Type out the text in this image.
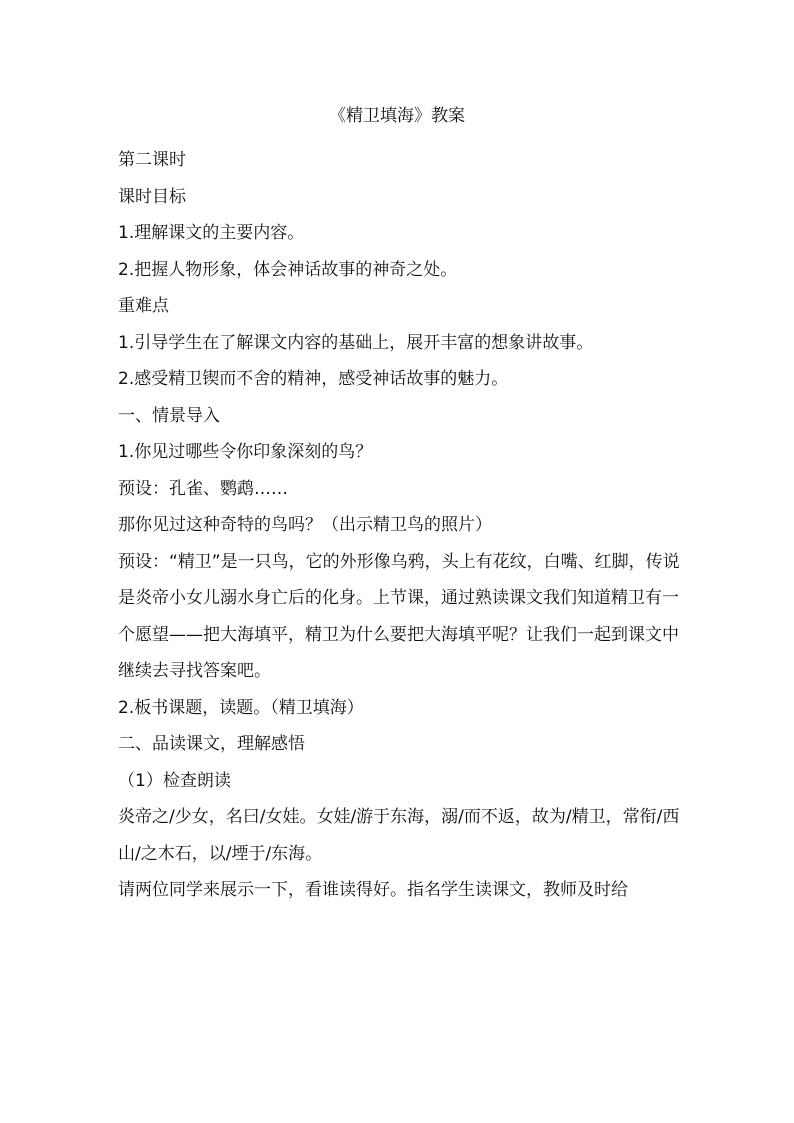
《精卫填海》教案

第二课时

课时目标

1.理解课文的主要内容。

2.把握人物形象，体会神话故事的神奇之处。

重难点

1.引导学生在了解课文内容的基础上，展开丰富的想象讲故事。

2.感受精卫锲而不舍的精神，感受神话故事的魅力。

一、情景导入

1.你见过哪些令你印象深刻的鸟？

预设：孔雀、鹦鹉……

那你见过这种奇特的鸟吗？（出示精卫鸟的照片）

预设：“精卫”是一只鸟，它的外形像乌鸦，头上有花纹，白嘴、红脚，传说是炎帝小女儿溺水身亡后的化身。上节课，通过熟读课文我们知道精卫有一个愿望——把大海填平，精卫为什么要把大海填平呢？让我们一起到课文中继续去寻找答案吧。

2.板书课题，读题。（精卫填海）

二、品读课文，理解感悟

（1）检查朗读

炎帝之/少女，名曰/女娃。女娃/游于东海，溺/而不返，故为/精卫，常衔/西山/之木石，以/堙于/东海。

请两位同学来展示一下，看谁读得好。指名学生读课文，教师及时给
